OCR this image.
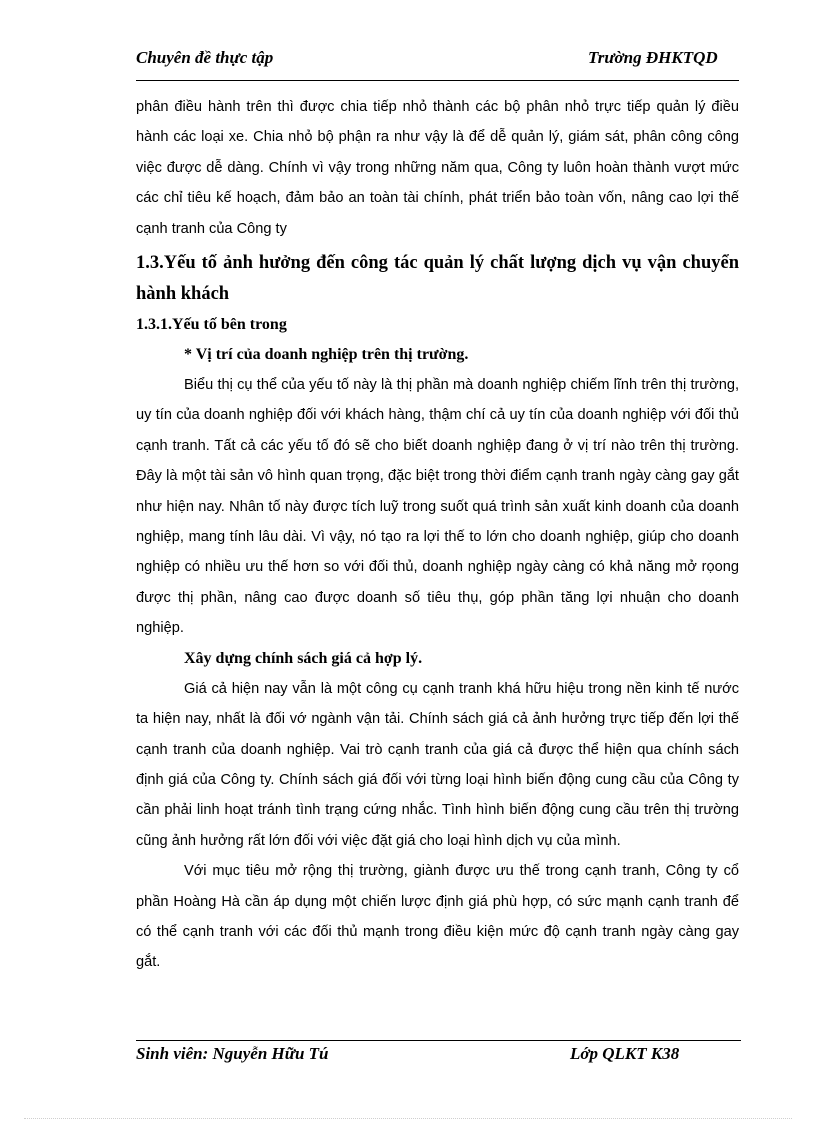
Chuyên đề thực tập	Trường ĐHKTQD

phân điều hành trên thì được chia tiếp nhỏ thành các bộ phân nhỏ trực tiếp quản lý điều hành các loại xe. Chia nhỏ bộ phận ra như vậy là để dễ quản lý, giám sát, phân công công việc được dễ dàng. Chính vì vậy trong những năm qua, Công ty luôn hoàn thành vượt mức các chỉ tiêu kế hoạch, đảm bảo an toàn tài chính, phát triển bảo toàn vốn, nâng cao lợi thế cạnh tranh của Công ty

1.3.Yếu tố ảnh hưởng đến công tác quản lý chất lượng dịch vụ vận chuyển hành khách

1.3.1.Yếu tố bên trong

* Vị trí của doanh nghiệp trên thị trường.

Biểu thị cụ thể của yếu tố này là thị phần mà doanh nghiệp chiếm lĩnh trên thị trường, uy tín của doanh nghiệp đối với khách hàng, thậm chí cả uy tín của doanh nghiệp với đối thủ cạnh tranh. Tất cả các yếu tố đó sẽ cho biết doanh nghiệp đang ở vị trí nào trên thị trường. Đây là một tài sản vô hình quan trọng, đặc biệt trong thời điểm cạnh tranh ngày càng gay gắt như hiện nay. Nhân tố này được tích luỹ trong suốt quá trình sản xuất kinh doanh của doanh nghiệp, mang tính lâu dài. Vì vậy, nó tạo ra lợi thế to lớn cho doanh nghiệp, giúp cho doanh nghiệp có nhiều ưu thế hơn so với đối thủ, doanh nghiệp ngày càng có khả năng mở rọong được thị phần, nâng cao được doanh số tiêu thụ, góp phần tăng lợi nhuận cho doanh nghiệp.

Xây dựng chính sách giá cả hợp lý.

Giá cả hiện nay vẫn là một công cụ cạnh tranh khá hữu hiệu trong nền kinh tế nước ta hiện nay, nhất là đối vớ ngành vận tải. Chính sách giá cả ảnh hưởng trực tiếp đến lợi thế cạnh tranh của doanh nghiệp. Vai trò cạnh tranh của giá cả được thể hiện qua chính sách định giá của Công ty. Chính sách giá đối với từng loại hình biến động cung cầu của Công ty cần phải linh hoạt tránh tình trạng cứng nhắc. Tình hình biến động cung cầu trên thị trường cũng ảnh hưởng rất lớn đối với việc đặt giá cho loại hình dịch vụ của mình.

Với mục tiêu mở rộng thị trường, giành được ưu thế trong cạnh tranh, Công ty cổ phần Hoàng Hà cần áp dụng một chiến lược định giá phù hợp, có sức mạnh cạnh tranh để có thể cạnh tranh với các đối thủ mạnh trong điều kiện mức độ cạnh tranh ngày càng gay gắt.

Sinh viên: Nguyễn Hữu Tú	Lớp QLKT K38
